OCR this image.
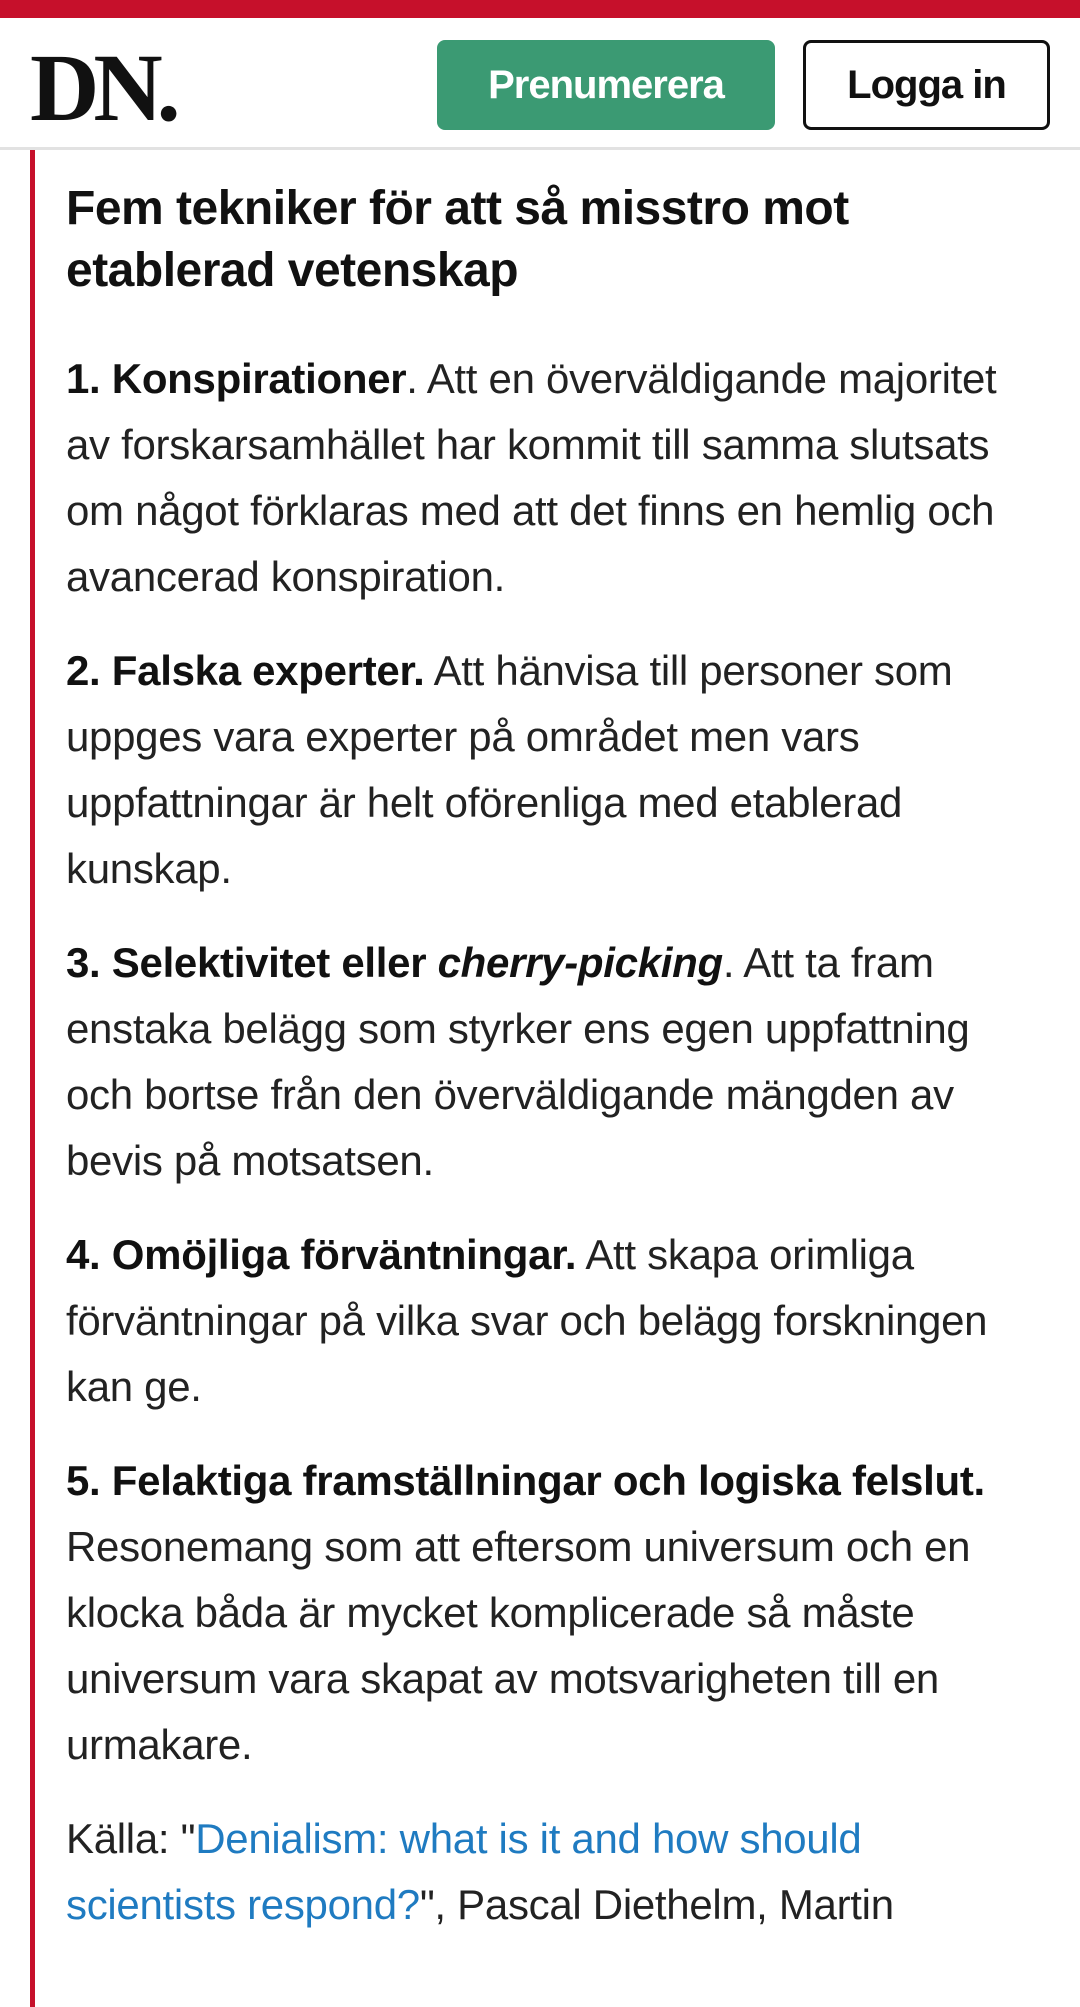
DN.	Prenumerera	Logga in
Fem tekniker för att så misstro mot etablerad vetenskap

1. Konspirationer. Att en överväldigande majoritet av forskarsamhället har kommit till samma slutsats om något förklaras med att det finns en hemlig och avancerad konspiration.

2. Falska experter. Att hänvisa till personer som uppges vara experter på området men vars uppfattningar är helt oförenliga med etablerad kunskap.

3. Selektivitet eller cherry-picking. Att ta fram enstaka belägg som styrker ens egen uppfattning och bortse från den överväldigande mängden av bevis på motsatsen.

4. Omöjliga förväntningar. Att skapa orimliga förväntningar på vilka svar och belägg forskningen kan ge.

5. Felaktiga framställningar och logiska felslut. Resonemang som att eftersom universum och en klocka båda är mycket komplicerade så måste universum vara skapat av motsvarigheten till en urmakare.

Källa: "Denialism: what is it and how should scientists respond?", Pascal Diethelm, Martin
